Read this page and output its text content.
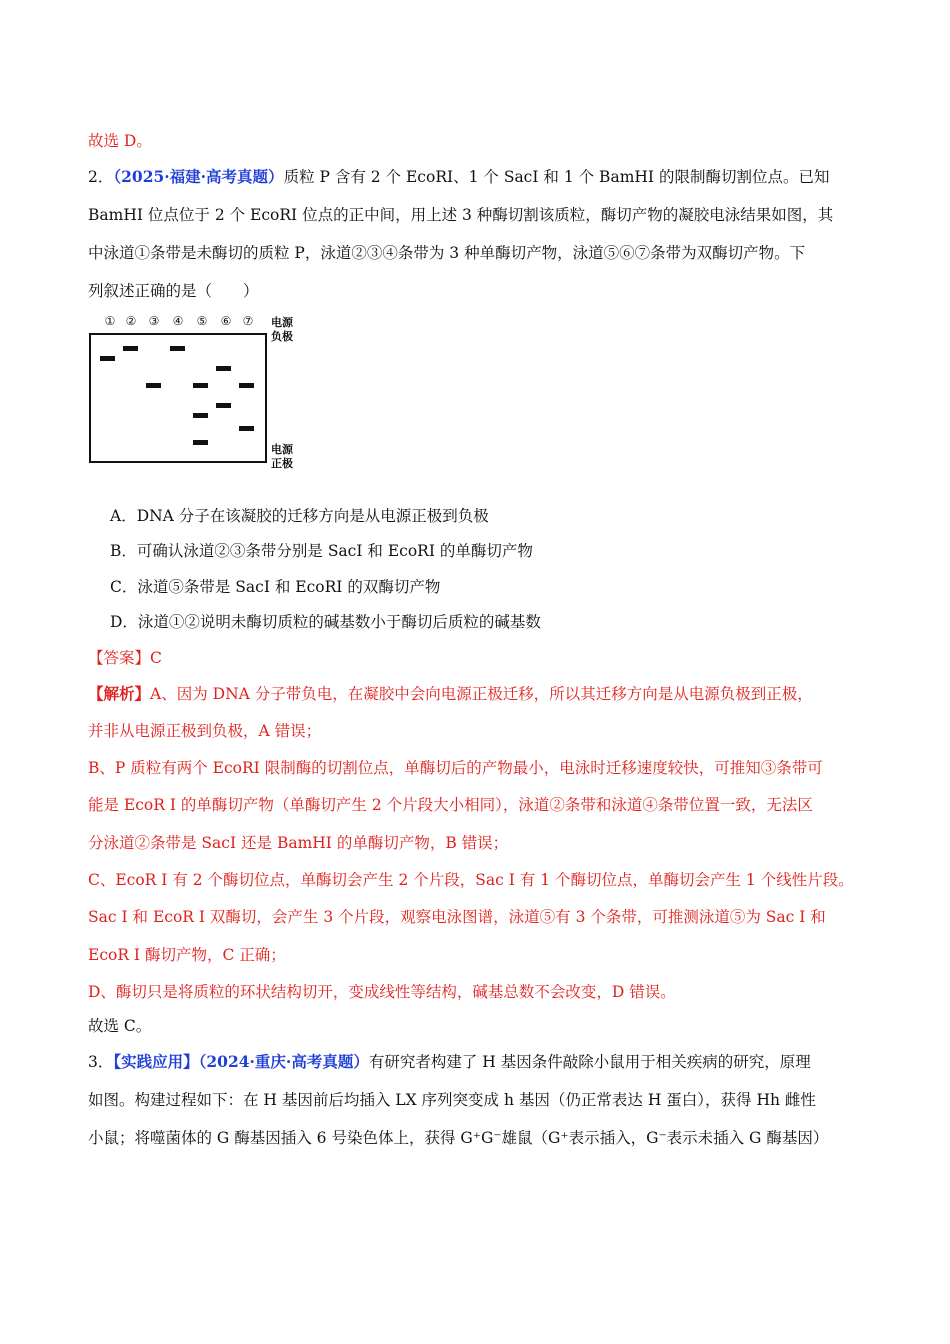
故选 D。
2．（2025·福建·高考真题）质粒 P 含有 2 个 EcoRⅠ、1 个 SacⅠ 和 1 个 BamHⅠ 的限制酶切割位点。已知
BamHⅠ 位点位于 2 个 EcoRⅠ 位点的正中间，用上述 3 种酶切割该质粒，酶切产物的凝胶电泳结果如图，其
中泳道①条带是未酶切的质粒 P，泳道②③④条带为 3 种单酶切产物，泳道⑤⑥⑦条带为双酶切产物。下
列叙述正确的是（　　）
① ② ③ ④ ⑤ ⑥ ⑦ 电源
负极
电源
正极
A．DNA 分子在该凝胶的迁移方向是从电源正极到负极
B．可确认泳道②③条带分别是 SacⅠ 和 EcoRⅠ 的单酶切产物
C．泳道⑤条带是 SacⅠ 和 EcoRⅠ 的双酶切产物
D．泳道①②说明未酶切质粒的碱基数小于酶切后质粒的碱基数
【答案】C
【解析】A、因为 DNA 分子带负电，在凝胶中会向电源正极迁移，所以其迁移方向是从电源负极到正极，
并非从电源正极到负极，A 错误；
B、P 质粒有两个 EcoRI 限制酶的切割位点，单酶切后的产物最小，电泳时迁移速度较快，可推知③条带可
能是 EcoR Ⅰ 的单酶切产物（单酶切产生 2 个片段大小相同），泳道②条带和泳道④条带位置一致，无法区
分泳道②条带是 SacI 还是 BamHI 的单酶切产物，B 错误；
C、EcoR I 有 2 个酶切位点，单酶切会产生 2 个片段，Sac I 有 1 个酶切位点，单酶切会产生 1 个线性片段。
Sac I 和 EcoR I 双酶切，会产生 3 个片段，观察电泳图谱，泳道⑤有 3 个条带，可推测泳道⑤为 Sac I 和
EcoR I 酶切产物，C 正确；
D、酶切只是将质粒的环状结构切开，变成线性等结构，碱基总数不会改变，D 错误。
故选 C。
3．【实践应用】（2024·重庆·高考真题）有研究者构建了 H 基因条件敲除小鼠用于相关疾病的研究，原理
如图。构建过程如下：在 H 基因前后均插入 LX 序列突变成 h 基因（仍正常表达 H 蛋白），获得 Hh 雌性
小鼠；将噬菌体的 G 酶基因插入 6 号染色体上，获得 G⁺G⁻雄鼠（G⁺表示插入，G⁻表示未插入 G 酶基因）
